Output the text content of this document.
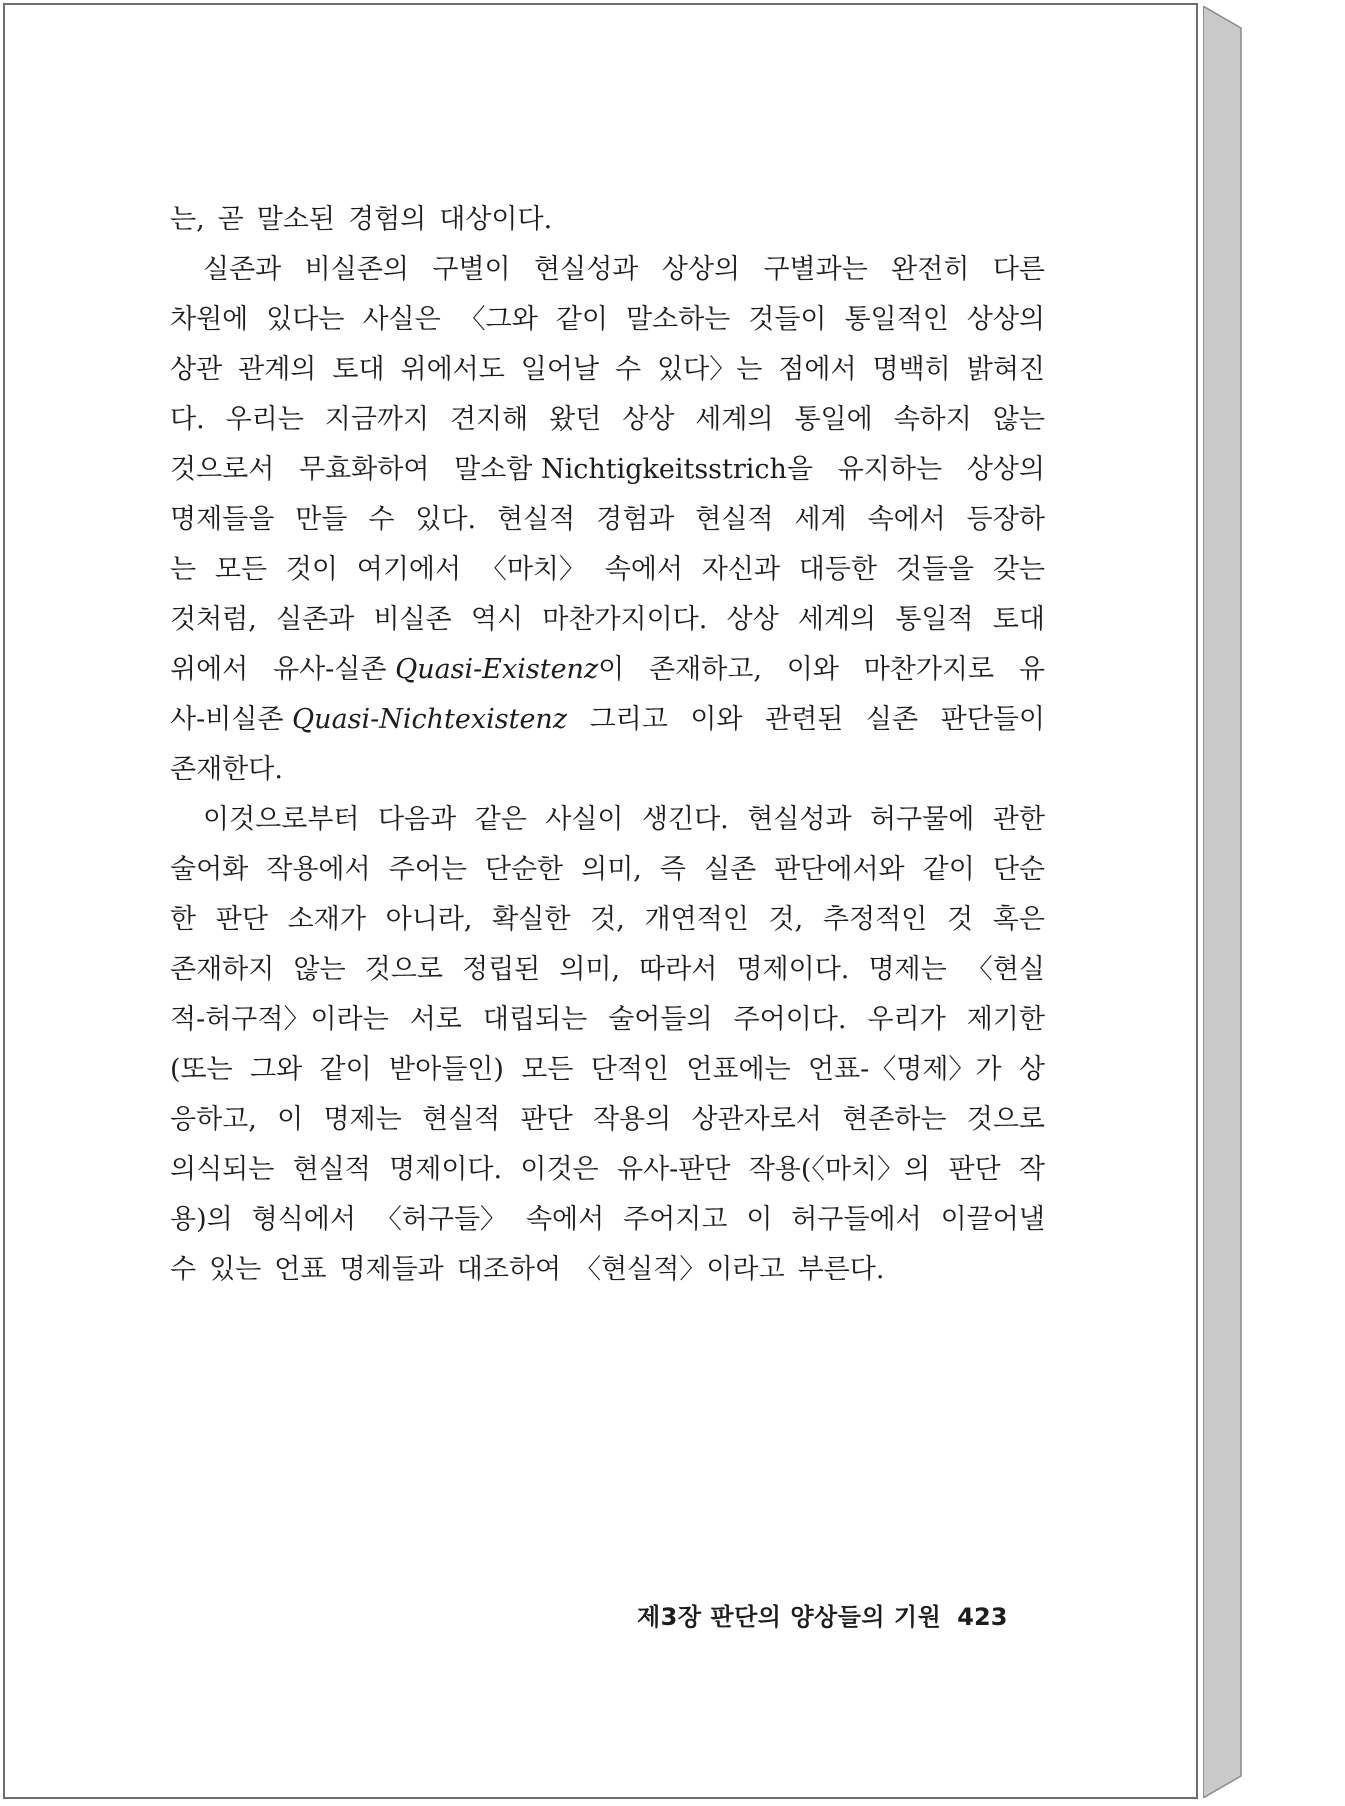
는, 곧 말소된 경험의 대상이다.
실존과 비실존의 구별이 현실성과 상상의 구별과는 완전히 다른
차원에 있다는 사실은 〈그와 같이 말소하는 것들이 통일적인 상상의
상관 관계의 토대 위에서도 일어날 수 있다〉는 점에서 명백히 밝혀진
다. 우리는 지금까지 견지해 왔던 상상 세계의 통일에 속하지 않는
것으로서 무효화하여 말소함 Nichtigkeitsstrich을 유지하는 상상의
명제들을 만들 수 있다. 현실적 경험과 현실적 세계 속에서 등장하
는 모든 것이 여기에서 〈마치〉 속에서 자신과 대등한 것들을 갖는
것처럼, 실존과 비실존 역시 마찬가지이다. 상상 세계의 통일적 토대
위에서 유사-실존 Quasi-Existenz이 존재하고, 이와 마찬가지로 유
사-비실존 Quasi-Nichtexistenz 그리고 이와 관련된 실존 판단들이
존재한다.
이것으로부터 다음과 같은 사실이 생긴다. 현실성과 허구물에 관한
술어화 작용에서 주어는 단순한 의미, 즉 실존 판단에서와 같이 단순
한 판단 소재가 아니라, 확실한 것, 개연적인 것, 추정적인 것 혹은
존재하지 않는 것으로 정립된 의미, 따라서 명제이다. 명제는 〈현실
적-허구적〉이라는 서로 대립되는 술어들의 주어이다. 우리가 제기한
(또는 그와 같이 받아들인) 모든 단적인 언표에는 언표-〈명제〉가 상
응하고, 이 명제는 현실적 판단 작용의 상관자로서 현존하는 것으로
의식되는 현실적 명제이다. 이것은 유사-판단 작용(〈마치〉의 판단 작
용)의 형식에서 〈허구들〉 속에서 주어지고 이 허구들에서 이끌어낼
수 있는 언표 명제들과 대조하여 〈현실적〉이라고 부른다.
제3장 판단의 양상들의 기원 423
